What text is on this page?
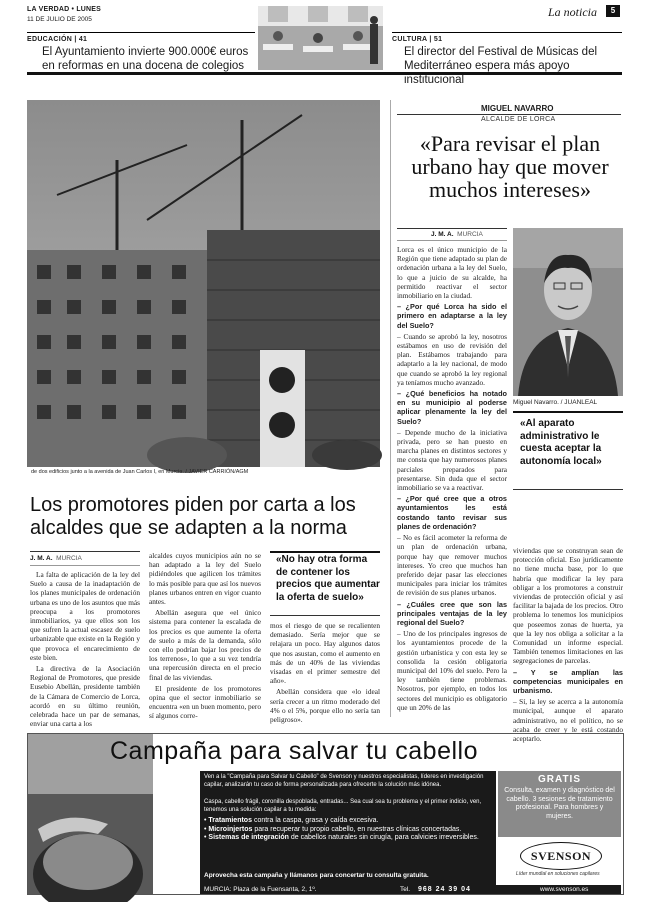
LA VERDAD • LUNES
11 DE JULIO DE 2005
EDUCACIÓN | 41
El Ayuntamiento invierte 900.000€ euros
en reformas en una docena de colegios
La noticia	5
CULTURA | 51
El director del Festival de Músicas del
Mediterráneo espera más apoyo institucional
de dos edificios junto a la avenida de Juan Carlos I, en Murcia. / JAVIER CARRIÓN/AGM
Los promotores piden por carta a los
alcaldes que se adapten a la norma
J. M. A. MURCIA

La falta de aplicación de la ley del Suelo a causa de la inadaptación de los planes municipales de ordenación urbana es uno de los asuntos que más preocupa a los promotores inmobiliarios, ya que ellos son los que sufren la actual escasez de suelo urbanizable que existe en la Región y que provoca el encarecimiento de este bien.

La directiva de la Asociación Regional de Promotores, que preside Eusebio Abellán, presidente también de la Cámara de Comercio de Lorca, acordó en su último reunión, celebrada hace un par de semanas, enviar una carta a los

alcaldes cuyos municipios aún no se han adaptado a la ley del Suelo pidiéndoles que agilicen los trámites lo más posible para que así los nuevos planes urbanos entren en vigor cuanto antes.

Abellán asegura que «el único sistema para contener la escalada de los precios es que aumente la oferta de suelo a más de la demanda, sólo con ello podrían bajar los precios de los terrenos», lo que a su vez tendría una repercusión directa en el precio final de las viviendas.

El presidente de los promotores opina que el sector inmobiliario se encuentra «en un buen momento, pero sí algunos corre-

«No hay otra forma de contener los precios que aumentar la oferta de suelo»

mos el riesgo de que se recalienten demasiado. Sería mejor que se relajara un poco. Hay algunos datos que nos asustan, como el aumento en más de un 40% de las viviendas visadas en el primer semestre del año».

Abellán considera que «lo ideal sería crecer a un ritmo moderado del 4% o el 5%, porque ello no sería tan peligroso».

MIGUEL NAVARRO
ALCALDE DE LORCA
«Para revisar el plan urbano hay que mover muchos intereses»
J. M. A. MURCIA

Lorca es el único municipio de la Región que tiene adaptado su plan de ordenación urbana a la ley del Suelo, lo que a juicio de su alcalde, ha permitido reactivar el sector inmobiliario en la ciudad.

– ¿Por qué Lorca ha sido el primero en adaptarse a la ley del Suelo?

– Cuando se aprobó la ley, nosotros estábamos en uso de revisión del plan. Estábamos trabajando para adaptarlo a la ley nacional, de modo que cuando se aprobó la ley regional ya teníamos mucho avanzado.

– ¿Qué beneficios ha notado en su municipio al poderse aplicar plenamente la ley del Suelo?

– Depende mucho de la iniciativa privada, pero se han puesto en marcha planes en distintos sectores y me consta que hay numerosos planes parciales preparados para presentarse. Sin duda que el sector inmobiliario se va a reactivar.

– ¿Por qué cree que a otros ayuntamientos les está costando tanto revisar sus planes de ordenación?

– No es fácil acometer la reforma de un plan de ordenación urbana, porque hay que remover muchos intereses. Yo creo que muchos han preferido dejar pasar las elecciones municipales para iniciar los trámites de revisión de sus planes urbanos.

– ¿Cuáles cree que son las principales ventajas de la ley regional del Suelo?

– Uno de los principales ingresos de los ayuntamientos procede de la gestión urbanística y con esta ley se consolida la cesión obligatoria municipal del 10% del suelo. Pero la ley también tiene problemas. Nosotros, por ejemplo, en todos los sectores del municipio es obligatorio que un 20% de las

Miguel Navarro. / JUANLEAL
«Al aparato administrativo le cuesta aceptar la autonomía local»

viviendas que se construyan sean de protección oficial. Eso jurídicamente no tiene mucha base, por lo que habría que modificar la ley para obligar a los promotores a construir viviendas de protección oficial y así facilitar la bajada de los precios. Otro problema lo tenemos los municipios que poseemos zonas de huerta, ya que la ley nos obliga a solicitar a la Comunidad un informe especial. También tenemos limitaciones en las segregaciones de parcelas.

– Y se amplían las competencias municipales en urbanismo.

– Sí, la ley se acerca a la autonomía municipal, aunque el aparato administrativo, no el político, no se acaba de creer y le está costando aceptarlo.

Campaña para salvar tu cabello
Ven a la "Campaña para Salvar tu Cabello" de Svenson y nuestros especialistas, líderes en investigación capilar, analizarán tu caso de forma personalizada para ofrecerte la solución más idónea.
Caspa, cabello frágil, coronilla despoblada, entradas... Sea cual sea tu problema y el primer indicio, ven, tenemos una solución capilar a tu medida:
• Tratamientos contra la caspa, grasa y caída excesiva.
• Microinjertos para recuperar tu propio cabello, en nuestras clínicas concertadas.
• Sistemas de integración de cabellos naturales sin cirugía, para calvicies irreversibles.
Aprovecha esta campaña y llámanos para concertar tu consulta gratuita.
GRATIS
Consulta, examen y diagnóstico del cabello. 3 sesiones de tratamiento profesional. Para hombres y mujeres.
SVENSON
Líder mundial en soluciones capilares
MURCIA: Plaza de la Fuensanta, 2, 1º.	Tel. 968 24 39 04	www.svenson.es
